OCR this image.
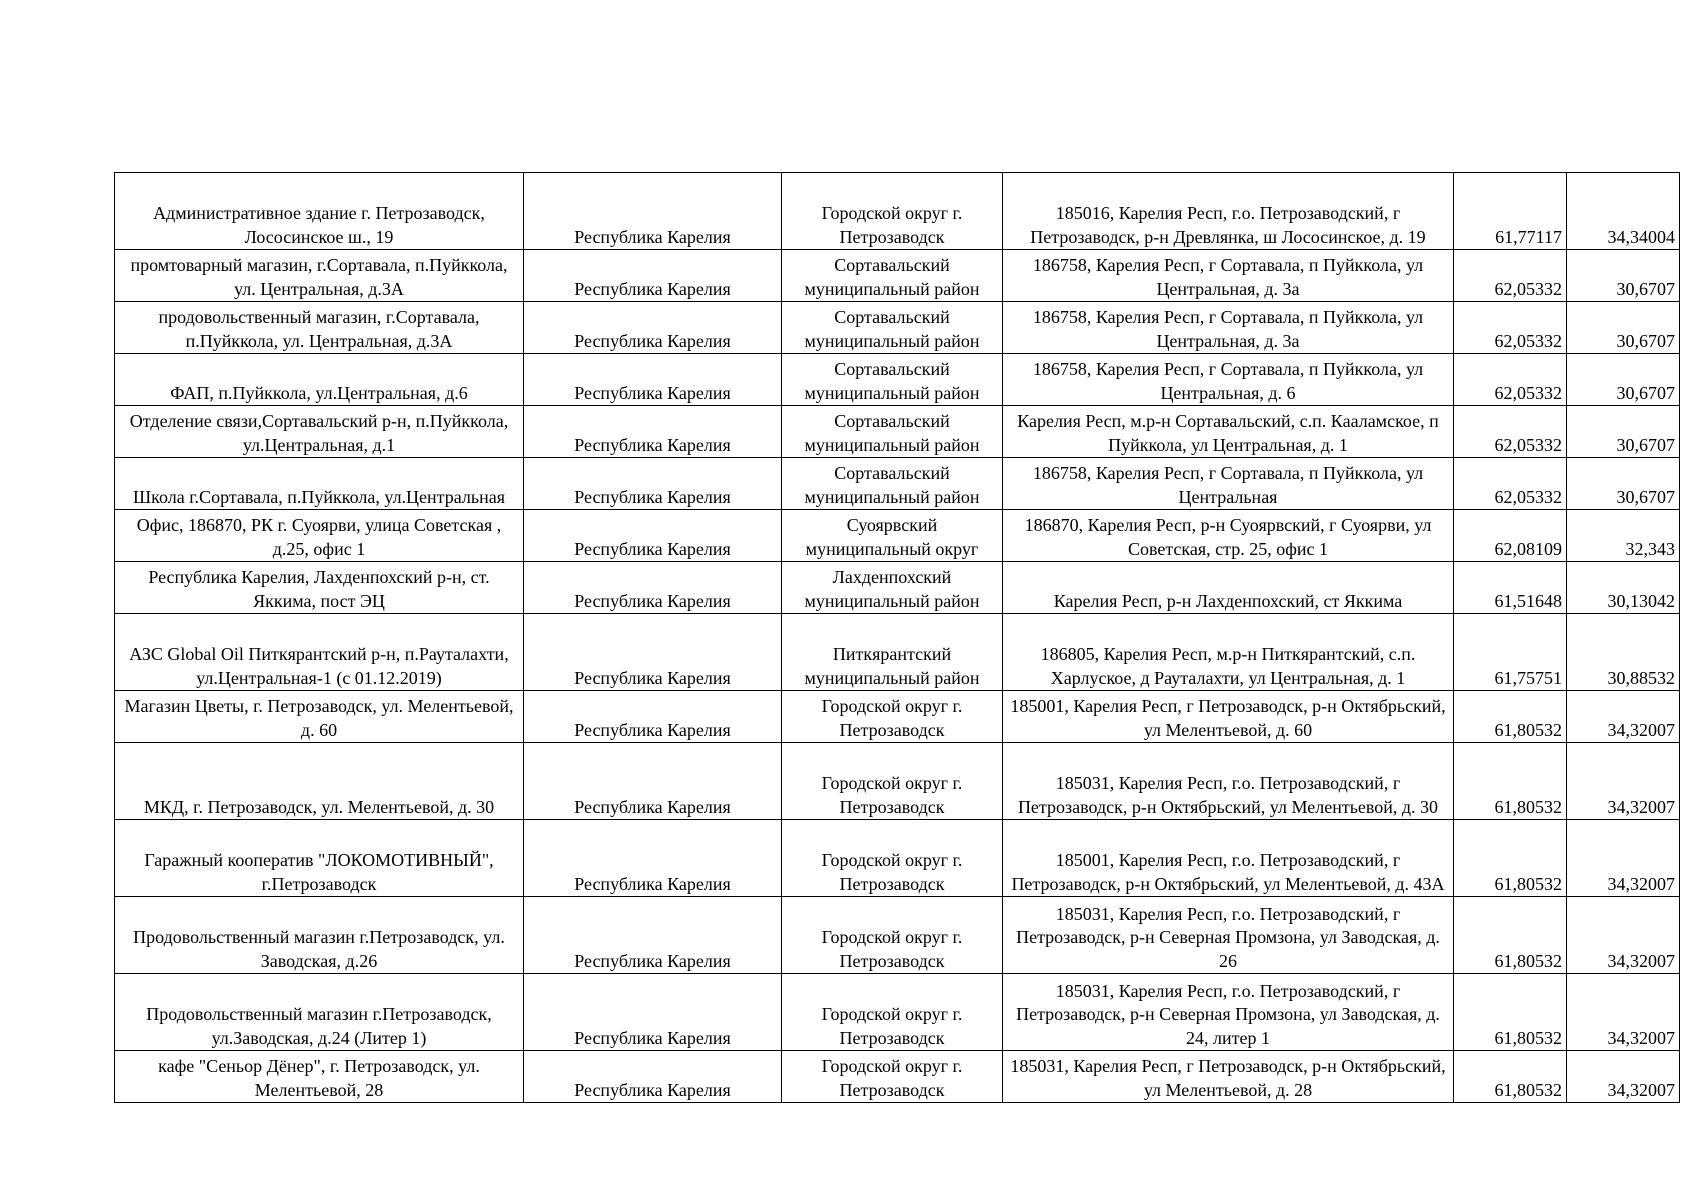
Административное здание г. Петрозаводск, Лососинское ш., 19	Республика Карелия	Городской округ г. Петрозаводск	185016, Карелия Респ, г.о. Петрозаводский, г Петрозаводск, р-н Древлянка, ш Лососинское, д. 19	61,77117	34,34004
промтоварный магазин, г.Сортавала, п.Пуйккола, ул. Центральная, д.3А	Республика Карелия	Сортавальский муниципальный район	186758, Карелия Респ, г Сортавала, п Пуйккола, ул Центральная, д. 3а	62,05332	30,6707
продовольственный магазин, г.Сортавала, п.Пуйккола, ул. Центральная, д.3А	Республика Карелия	Сортавальский муниципальный район	186758, Карелия Респ, г Сортавала, п Пуйккола, ул Центральная, д. 3а	62,05332	30,6707
ФАП, п.Пуйккола, ул.Центральная, д.6	Республика Карелия	Сортавальский муниципальный район	186758, Карелия Респ, г Сортавала, п Пуйккола, ул Центральная, д. 6	62,05332	30,6707
Отделение связи,Сортавальский р-н, п.Пуйккола, ул.Центральная, д.1	Республика Карелия	Сортавальский муниципальный район	Карелия Респ, м.р-н Сортавальский, с.п. Кааламское, п Пуйккола, ул Центральная, д. 1	62,05332	30,6707
Школа г.Сортавала, п.Пуйккола, ул.Центральная	Республика Карелия	Сортавальский муниципальный район	186758, Карелия Респ, г Сортавала, п Пуйккола, ул Центральная	62,05332	30,6707
Офис, 186870, РК г. Суоярви, улица Советская , д.25, офис 1	Республика Карелия	Суоярвский муниципальный округ	186870, Карелия Респ, р-н Суоярвский, г Суоярви, ул Советская, стр. 25, офис 1	62,08109	32,343
Республика Карелия, Лахденпохский р-н, ст. Яккима, пост ЭЦ	Республика Карелия	Лахденпохский муниципальный район	Карелия Респ, р-н Лахденпохский, ст Яккима	61,51648	30,13042
АЗС Global Oil Питкярантский р-н, п.Рауталахти, ул.Центральная-1 (с 01.12.2019)	Республика Карелия	Питкярантский муниципальный район	186805, Карелия Респ, м.р-н Питкярантский, с.п. Харлуское, д Рауталахти, ул Центральная, д. 1	61,75751	30,88532
Магазин Цветы, г. Петрозаводск, ул. Мелентьевой, д. 60	Республика Карелия	Городской округ г. Петрозаводск	185001, Карелия Респ, г Петрозаводск, р-н Октябрьский, ул Мелентьевой, д. 60	61,80532	34,32007
МКД, г. Петрозаводск, ул. Мелентьевой, д. 30	Республика Карелия	Городской округ г. Петрозаводск	185031, Карелия Респ, г.о. Петрозаводский, г Петрозаводск, р-н Октябрьский, ул Мелентьевой, д. 30	61,80532	34,32007
Гаражный кооператив "ЛОКОМОТИВНЫЙ", г.Петрозаводск	Республика Карелия	Городской округ г. Петрозаводск	185001, Карелия Респ, г.о. Петрозаводский, г Петрозаводск, р-н Октябрьский, ул Мелентьевой, д. 43А	61,80532	34,32007
Продовольственный магазин г.Петрозаводск, ул. Заводская, д.26	Республика Карелия	Городской округ г. Петрозаводск	185031, Карелия Респ, г.о. Петрозаводский, г Петрозаводск, р-н Северная Промзона, ул Заводская, д. 26	61,80532	34,32007
Продовольственный магазин г.Петрозаводск, ул.Заводская, д.24 (Литер 1)	Республика Карелия	Городской округ г. Петрозаводск	185031, Карелия Респ, г.о. Петрозаводский, г Петрозаводск, р-н Северная Промзона, ул Заводская, д. 24, литер 1	61,80532	34,32007
кафе "Сеньор Дёнер", г. Петрозаводск, ул. Мелентьевой, 28	Республика Карелия	Городской округ г. Петрозаводск	185031, Карелия Респ, г Петрозаводск, р-н Октябрьский, ул Мелентьевой, д. 28	61,80532	34,32007
